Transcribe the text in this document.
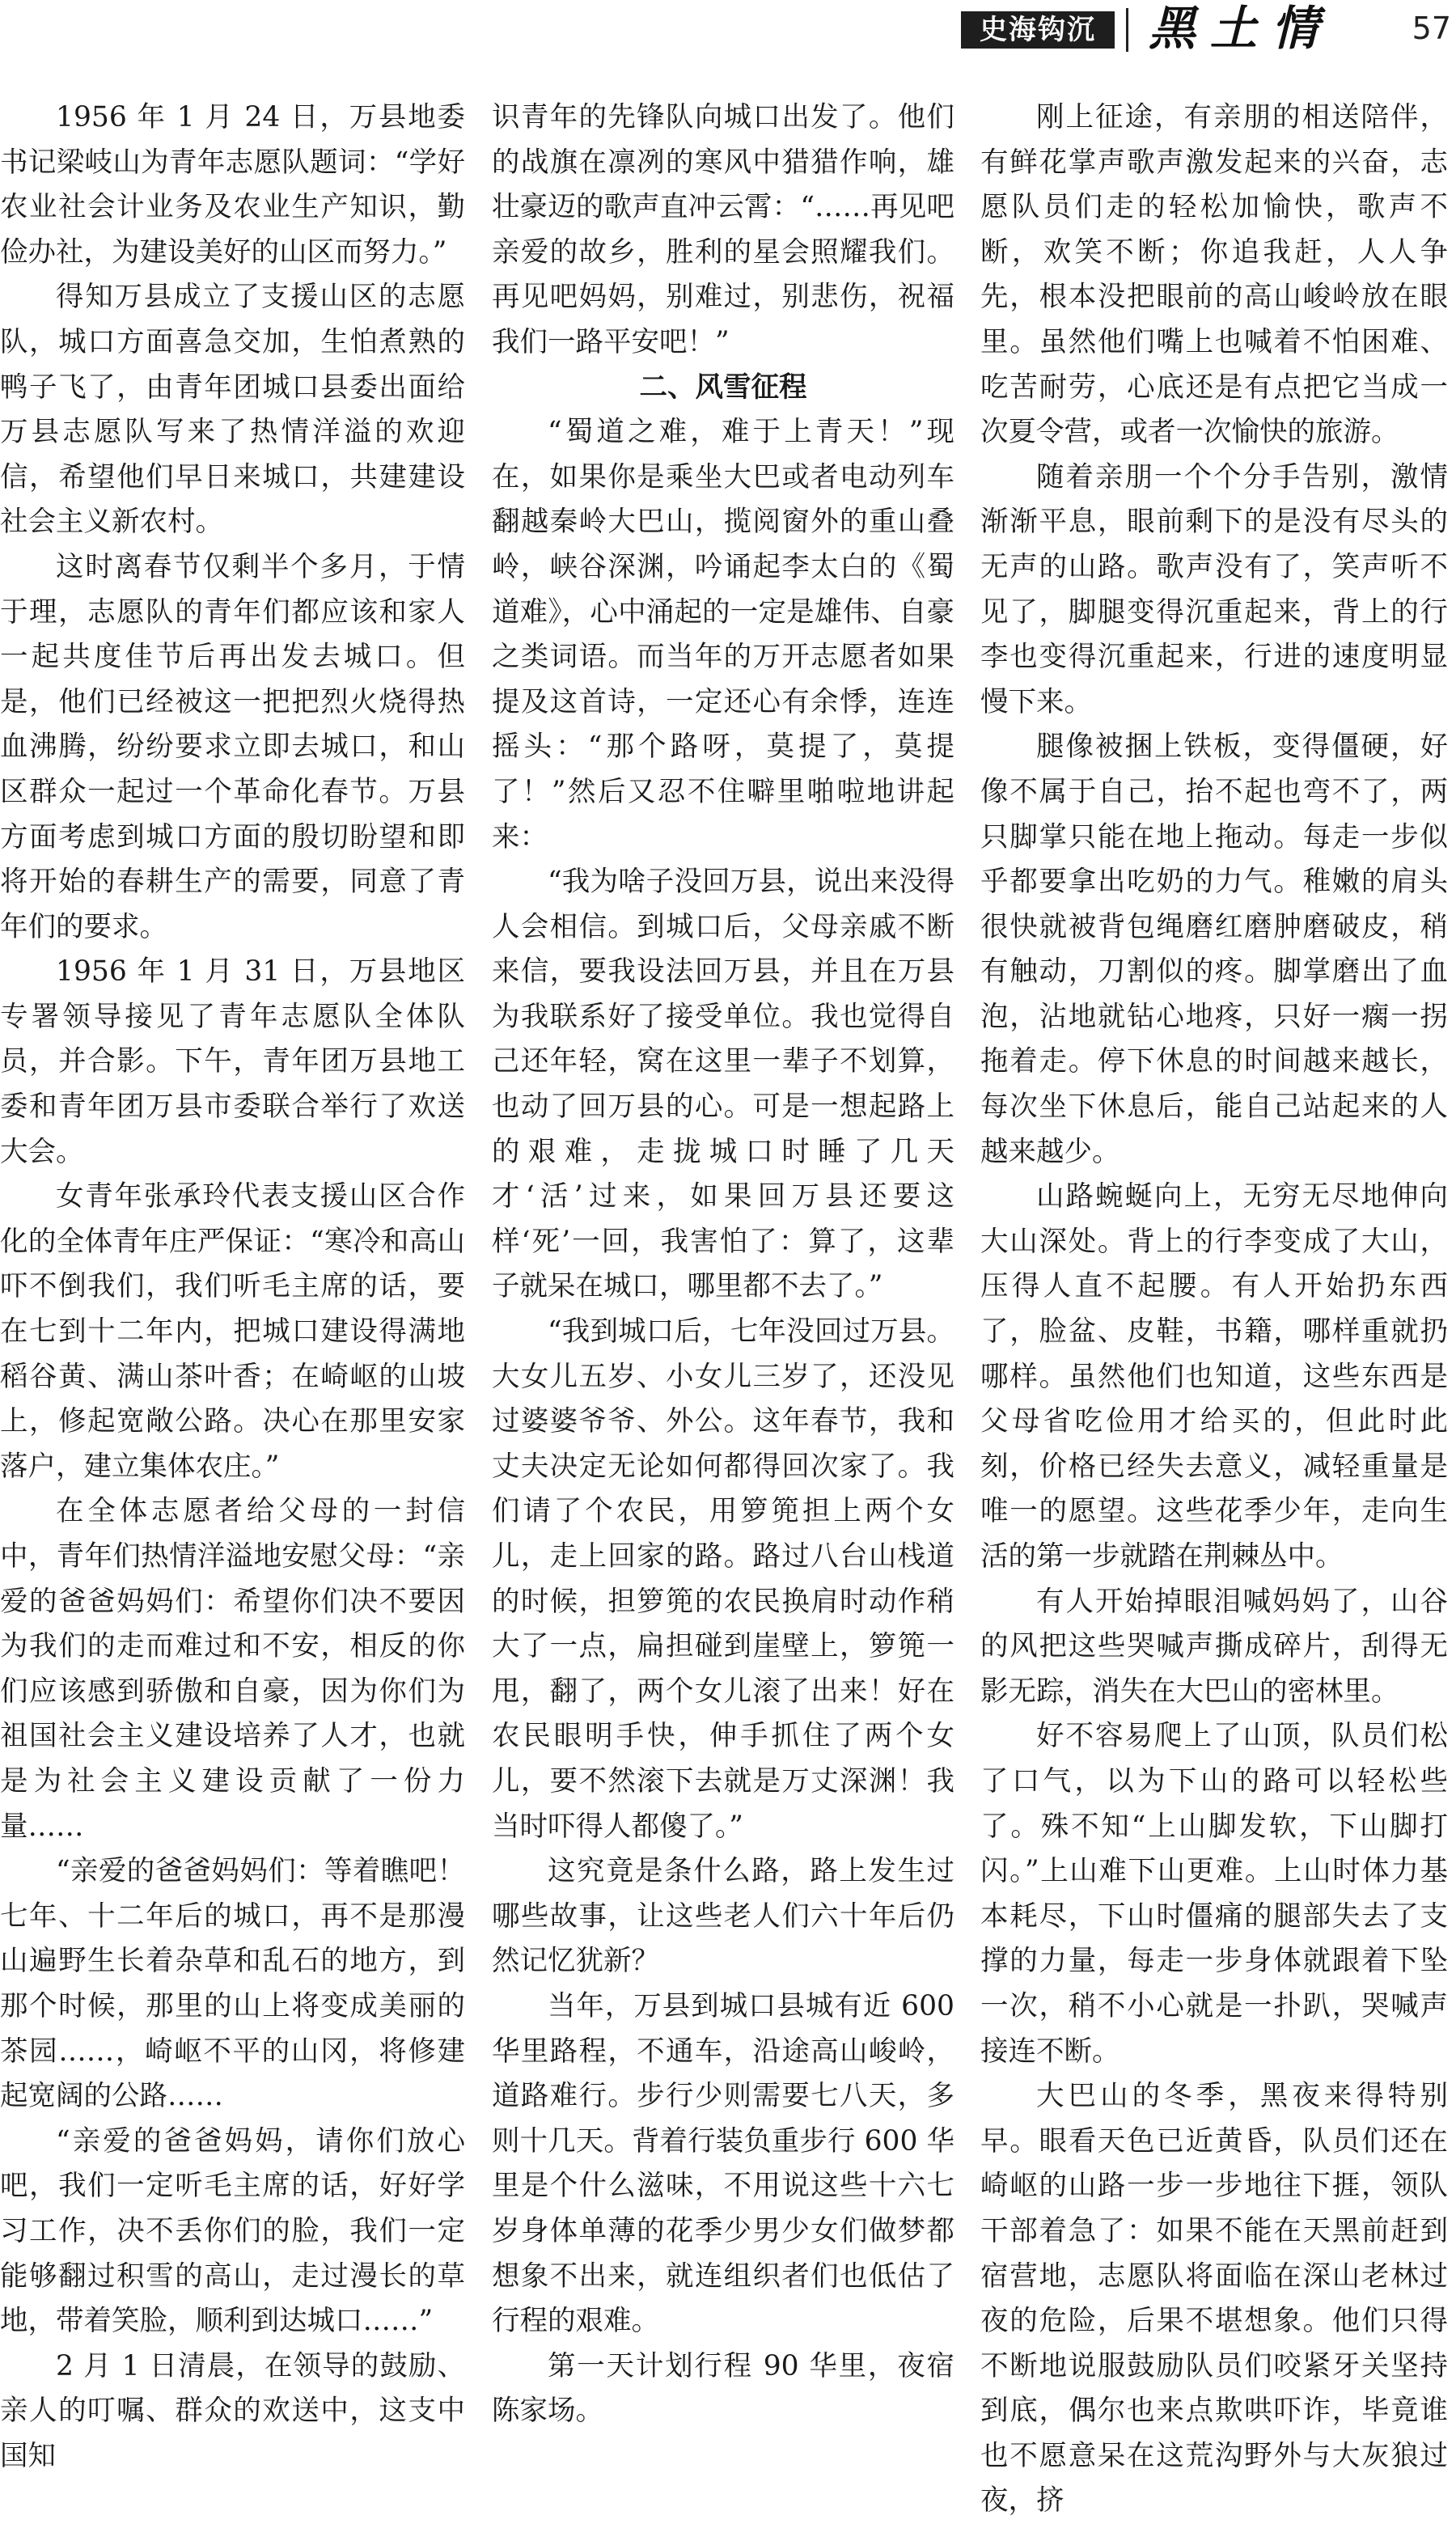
史海钩沉	黑土情	57

1956 年 1 月 24 日，万县地委书记梁岐山为青年志愿队题词：“学好农业社会计业务及农业生产知识，勤俭办社，为建设美好的山区而努力。”

得知万县成立了支援山区的志愿队，城口方面喜急交加，生怕煮熟的鸭子飞了，由青年团城口县委出面给万县志愿队写来了热情洋溢的欢迎信，希望他们早日来城口，共建建设社会主义新农村。

这时离春节仅剩半个多月，于情于理，志愿队的青年们都应该和家人一起共度佳节后再出发去城口。但是，他们已经被这一把把烈火烧得热血沸腾，纷纷要求立即去城口，和山区群众一起过一个革命化春节。万县方面考虑到城口方面的殷切盼望和即将开始的春耕生产的需要，同意了青年们的要求。

1956 年 1 月 31 日，万县地区专署领导接见了青年志愿队全体队员，并合影。下午，青年团万县地工委和青年团万县市委联合举行了欢送大会。

女青年张承玲代表支援山区合作化的全体青年庄严保证：“寒冷和高山吓不倒我们，我们听毛主席的话，要在七到十二年内，把城口建设得满地稻谷黄、满山茶叶香；在崎岖的山坡上，修起宽敞公路。决心在那里安家落户，建立集体农庄。”

在全体志愿者给父母的一封信中，青年们热情洋溢地安慰父母：“亲爱的爸爸妈妈们：希望你们决不要因为我们的走而难过和不安，相反的你们应该感到骄傲和自豪，因为你们为祖国社会主义建设培养了人才，也就是为社会主义建设贡献了一份力量……

“亲爱的爸爸妈妈们：等着瞧吧！七年、十二年后的城口，再不是那漫山遍野生长着杂草和乱石的地方，到那个时候，那里的山上将变成美丽的茶园……，崎岖不平的山冈，将修建起宽阔的公路……

“亲爱的爸爸妈妈，请你们放心吧，我们一定听毛主席的话，好好学习工作，决不丢你们的脸，我们一定能够翻过积雪的高山，走过漫长的草地，带着笑脸，顺利到达城口……”

2 月 1 日清晨，在领导的鼓励、亲人的叮嘱、群众的欢送中，这支中国知

识青年的先锋队向城口出发了。他们的战旗在凛冽的寒风中猎猎作响，雄壮豪迈的歌声直冲云霄：“……再见吧亲爱的故乡，胜利的星会照耀我们。再见吧妈妈，别难过，别悲伤，祝福我们一路平安吧！”

二、风雪征程

“蜀道之难，难于上青天！”现在，如果你是乘坐大巴或者电动列车翻越秦岭大巴山，揽阅窗外的重山叠岭，峡谷深渊，吟诵起李太白的《蜀道难》，心中涌起的一定是雄伟、自豪之类词语。而当年的万开志愿者如果提及这首诗，一定还心有余悸，连连摇头：“那个路呀，莫提了，莫提了！”然后又忍不住噼里啪啦地讲起来：

“我为啥子没回万县，说出来没得人会相信。到城口后，父母亲戚不断来信，要我设法回万县，并且在万县为我联系好了接受单位。我也觉得自己还年轻，窝在这里一辈子不划算，也动了回万县的心。可是一想起路上的艰难，走拢城口时睡了几天才‘活’过来，如果回万县还要这样‘死’一回，我害怕了：算了，这辈子就呆在城口，哪里都不去了。”

“我到城口后，七年没回过万县。大女儿五岁、小女儿三岁了，还没见过婆婆爷爷、外公。这年春节，我和丈夫决定无论如何都得回次家了。我们请了个农民，用箩篼担上两个女儿，走上回家的路。路过八台山栈道的时候，担箩篼的农民换肩时动作稍大了一点，扁担碰到崖壁上，箩篼一甩，翻了，两个女儿滚了出来！好在农民眼明手快，伸手抓住了两个女儿，要不然滚下去就是万丈深渊！我当时吓得人都傻了。”

这究竟是条什么路，路上发生过哪些故事，让这些老人们六十年后仍然记忆犹新？

当年，万县到城口县城有近 600 华里路程，不通车，沿途高山峻岭，道路难行。步行少则需要七八天，多则十几天。背着行装负重步行 600 华里是个什么滋味，不用说这些十六七岁身体单薄的花季少男少女们做梦都想象不出来，就连组织者们也低估了行程的艰难。

第一天计划行程 90 华里，夜宿陈家场。

刚上征途，有亲朋的相送陪伴，有鲜花掌声歌声激发起来的兴奋，志愿队员们走的轻松加愉快，歌声不断，欢笑不断；你追我赶，人人争先，根本没把眼前的高山峻岭放在眼里。虽然他们嘴上也喊着不怕困难、吃苦耐劳，心底还是有点把它当成一次夏令营，或者一次愉快的旅游。

随着亲朋一个个分手告别，激情渐渐平息，眼前剩下的是没有尽头的无声的山路。歌声没有了，笑声听不见了，脚腿变得沉重起来，背上的行李也变得沉重起来，行进的速度明显慢下来。

腿像被捆上铁板，变得僵硬，好像不属于自己，抬不起也弯不了，两只脚掌只能在地上拖动。每走一步似乎都要拿出吃奶的力气。稚嫩的肩头很快就被背包绳磨红磨肿磨破皮，稍有触动，刀割似的疼。脚掌磨出了血泡，沾地就钻心地疼，只好一瘸一拐拖着走。停下休息的时间越来越长，每次坐下休息后，能自己站起来的人越来越少。

山路蜿蜒向上，无穷无尽地伸向大山深处。背上的行李变成了大山，压得人直不起腰。有人开始扔东西了，脸盆、皮鞋，书籍，哪样重就扔哪样。虽然他们也知道，这些东西是父母省吃俭用才给买的，但此时此刻，价格已经失去意义，减轻重量是唯一的愿望。这些花季少年，走向生活的第一步就踏在荆棘丛中。

有人开始掉眼泪喊妈妈了，山谷的风把这些哭喊声撕成碎片，刮得无影无踪，消失在大巴山的密林里。

好不容易爬上了山顶，队员们松了口气，以为下山的路可以轻松些了。殊不知“上山脚发软，下山脚打闪。”上山难下山更难。上山时体力基本耗尽，下山时僵痛的腿部失去了支撑的力量，每走一步身体就跟着下坠一次，稍不小心就是一扑趴，哭喊声接连不断。

大巴山的冬季，黑夜来得特别早。眼看天色已近黄昏，队员们还在崎岖的山路一步一步地往下捱，领队干部着急了：如果不能在天黑前赶到宿营地，志愿队将面临在深山老林过夜的危险，后果不堪想象。他们只得不断地说服鼓励队员们咬紧牙关坚持到底，偶尔也来点欺哄吓诈，毕竟谁也不愿意呆在这荒沟野外与大灰狼过夜，挤
